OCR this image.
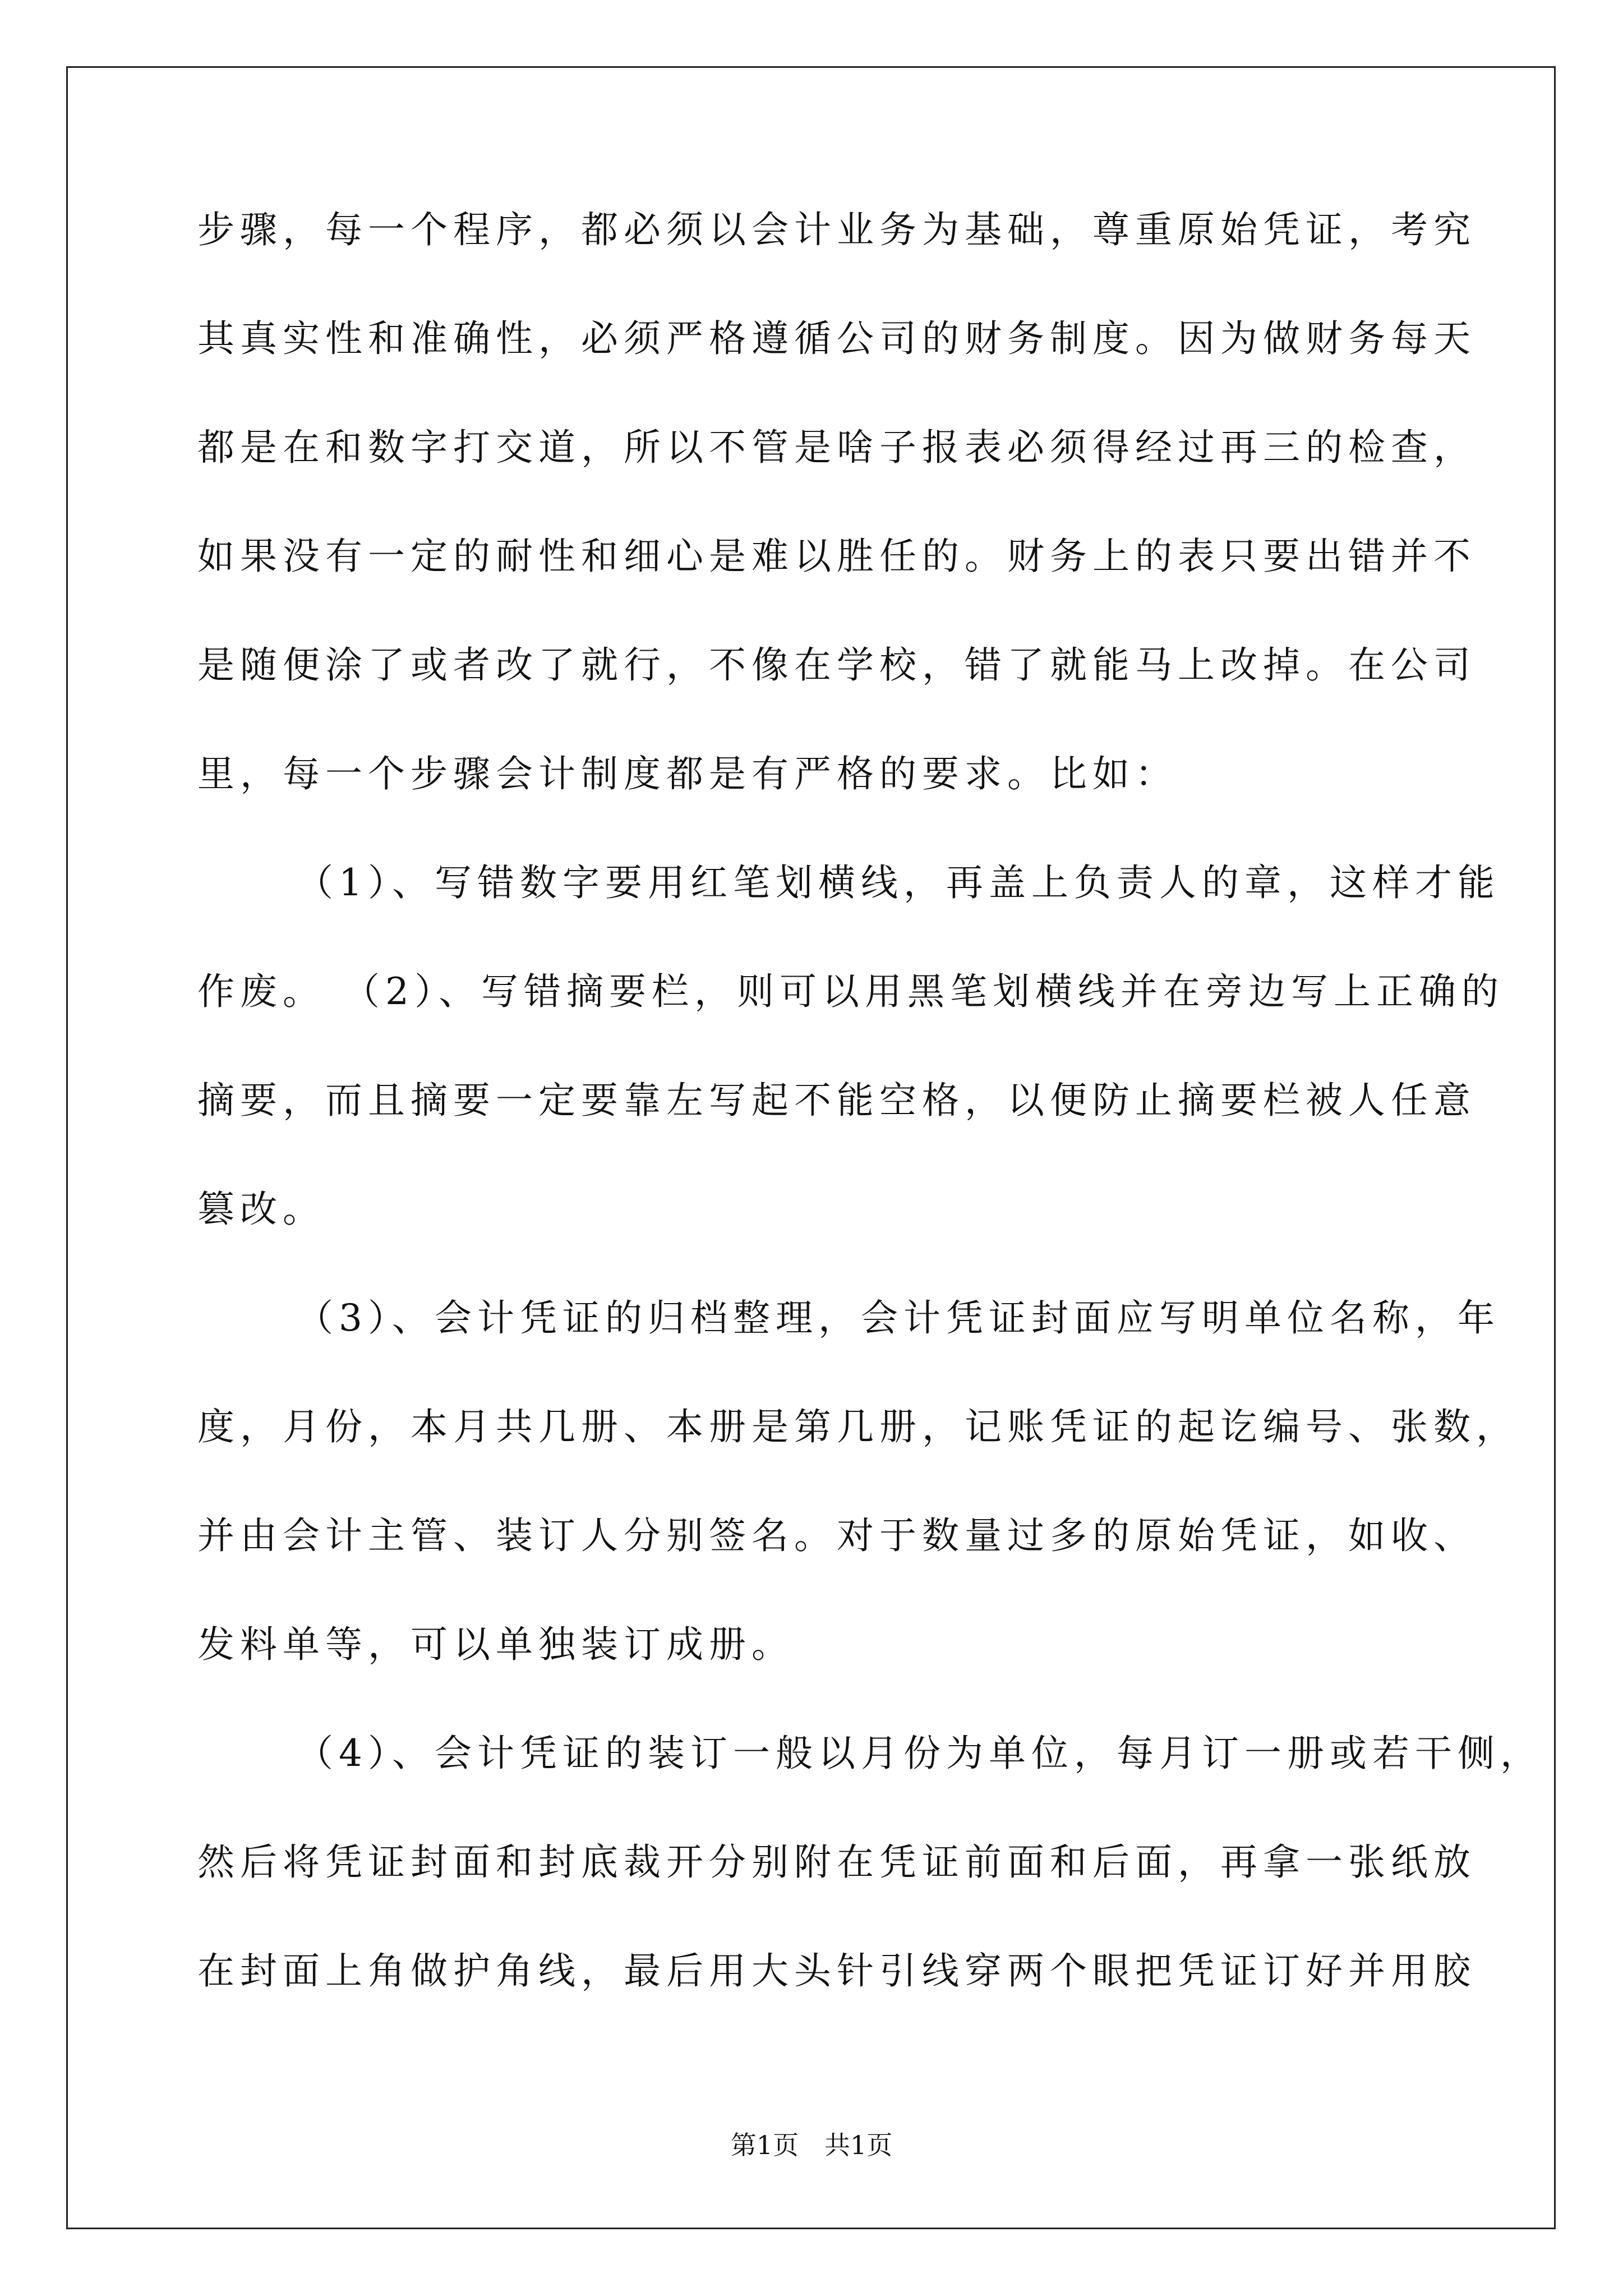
步骤，每一个程序，都必须以会计业务为基础，尊重原始凭证，考究
其真实性和准确性，必须严格遵循公司的财务制度。因为做财务每天
都是在和数字打交道，所以不管是啥子报表必须得经过再三的检查，
如果没有一定的耐性和细心是难以胜任的。财务上的表只要出错并不
是随便涂了或者改了就行，不像在学校，错了就能马上改掉。在公司
里，每一个步骤会计制度都是有严格的要求。比如：
（1）、写错数字要用红笔划横线，再盖上负责人的章，这样才能
作废。 （2）、写错摘要栏，则可以用黑笔划横线并在旁边写上正确的
摘要，而且摘要一定要靠左写起不能空格，以便防止摘要栏被人任意
篡改。
（3）、会计凭证的归档整理，会计凭证封面应写明单位名称，年
度，月份，本月共几册、本册是第几册，记账凭证的起讫编号、张数，
并由会计主管、装订人分别签名。对于数量过多的原始凭证，如收、
发料单等，可以单独装订成册。
（4）、会计凭证的装订一般以月份为单位，每月订一册或若干侧，
然后将凭证封面和封底裁开分别附在凭证前面和后面，再拿一张纸放
在封面上角做护角线，最后用大头针引线穿两个眼把凭证订好并用胶
第1页　共1页
